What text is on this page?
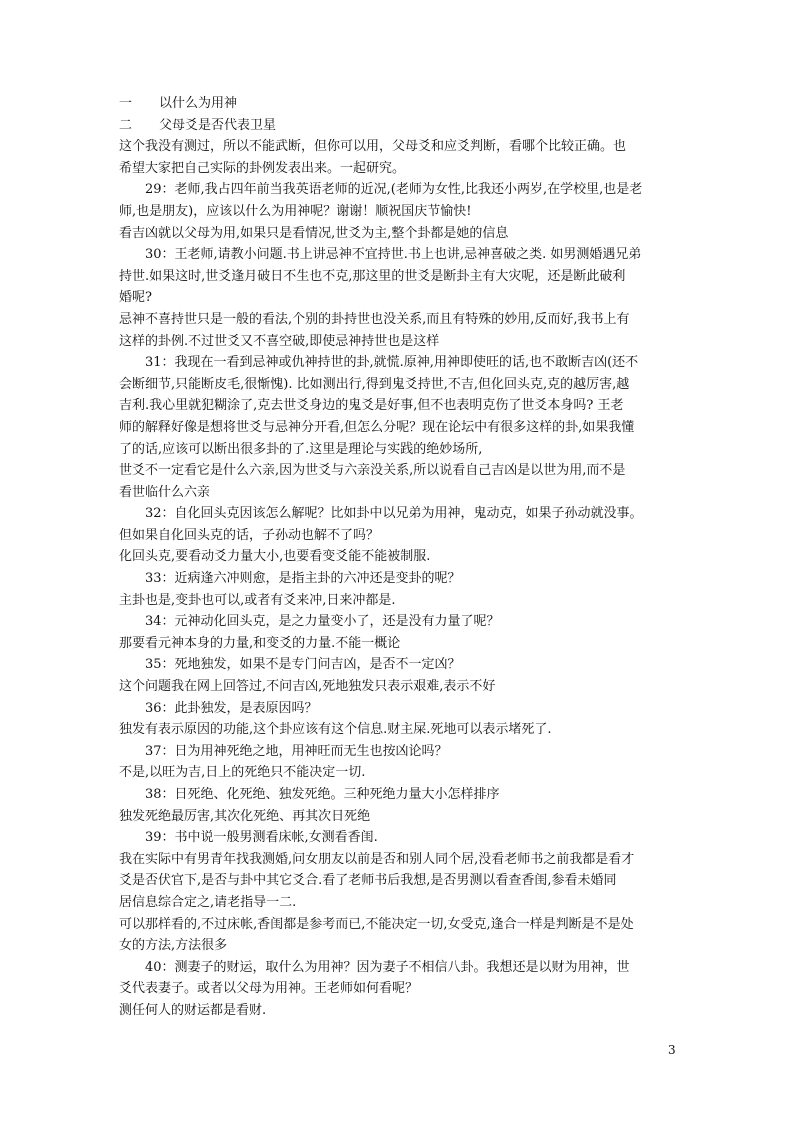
一 以什么为用神
二 父母爻是否代表卫星
这个我没有测过，所以不能武断，但你可以用，父母爻和应爻判断，看哪个比较正确。也
希望大家把自己实际的卦例发表出来。一起研究。
29：老师,我占四年前当我英语老师的近况,(老师为女性,比我还小两岁,在学校里,也是老
师,也是朋友)，应该以什么为用神呢？谢谢！顺祝国庆节愉快!
看吉凶就以父母为用,如果只是看情况,世爻为主,整个卦都是她的信息
30：王老师,请教小问题.书上讲忌神不宜持世.书上也讲,忌神喜破之类. 如男测婚遇兄弟
持世.如果这时,世爻逢月破日不生也不克,那这里的世爻是断卦主有大灾呢，还是断此破利
婚呢?
忌神不喜持世只是一般的看法,个别的卦持世也没关系,而且有特殊的妙用,反而好,我书上有
这样的卦例.不过世爻又不喜空破,即使忌神持世也是这样
31：我现在一看到忌神或仇神持世的卦,就慌.原神,用神即使旺的话,也不敢断吉凶(还不
会断细节,只能断皮毛,很惭愧). 比如测出行,得到鬼爻持世,不吉,但化回头克,克的越厉害,越
吉利.我心里就犯糊涂了,克去世爻身边的鬼爻是好事,但不也表明克伤了世爻本身吗? 王老
师的解释好像是想将世爻与忌神分开看,但怎么分呢？现在论坛中有很多这样的卦,如果我懂
了的话,应该可以断出很多卦的了.这里是理论与实践的绝妙场所,
世爻不一定看它是什么六亲,因为世爻与六亲没关系,所以说看自己吉凶是以世为用,而不是
看世临什么六亲
32：自化回头克因该怎么解呢？比如卦中以兄弟为用神，鬼动克，如果子孙动就没事。
但如果自化回头克的话，子孙动也解不了吗？
化回头克,要看动爻力量大小,也要看变爻能不能被制服.
33：近病逢六冲则愈，是指主卦的六冲还是变卦的呢？
主卦也是,变卦也可以,或者有爻来冲,日来冲都是.
34：元神动化回头克，是之力量变小了，还是没有力量了呢？
那要看元神本身的力量,和变爻的力量.不能一概论
35：死地独发，如果不是专门问吉凶，是否不一定凶？
这个问题我在网上回答过,不问吉凶,死地独发只表示艰难,表示不好
36：此卦独发，是表原因吗？
独发有表示原因的功能,这个卦应该有这个信息.财主屎.死地可以表示堵死了.
37：日为用神死绝之地，用神旺而无生也按凶论吗？
不是,以旺为吉,日上的死绝只不能决定一切.
38：日死绝、化死绝、独发死绝。三种死绝力量大小怎样排序
独发死绝最厉害,其次化死绝、再其次日死绝
39：书中说一般男测看床帐,女测看香闺.
我在实际中有男青年找我测婚,问女朋友以前是否和别人同个居,没看老师书之前我都是看才
爻是否伏官下,是否与卦中其它爻合.看了老师书后我想,是否男测以看查香闺,参看未婚同
居信息综合定之,请老指导一二.
可以那样看的,不过床帐,香闺都是参考而已,不能决定一切,女受克,逢合一样是判断是不是处
女的方法,方法很多
40：测妻子的财运，取什么为用神？因为妻子不相信八卦。我想还是以财为用神，世
爻代表妻子。或者以父母为用神。王老师如何看呢？
测任何人的财运都是看财.
3
